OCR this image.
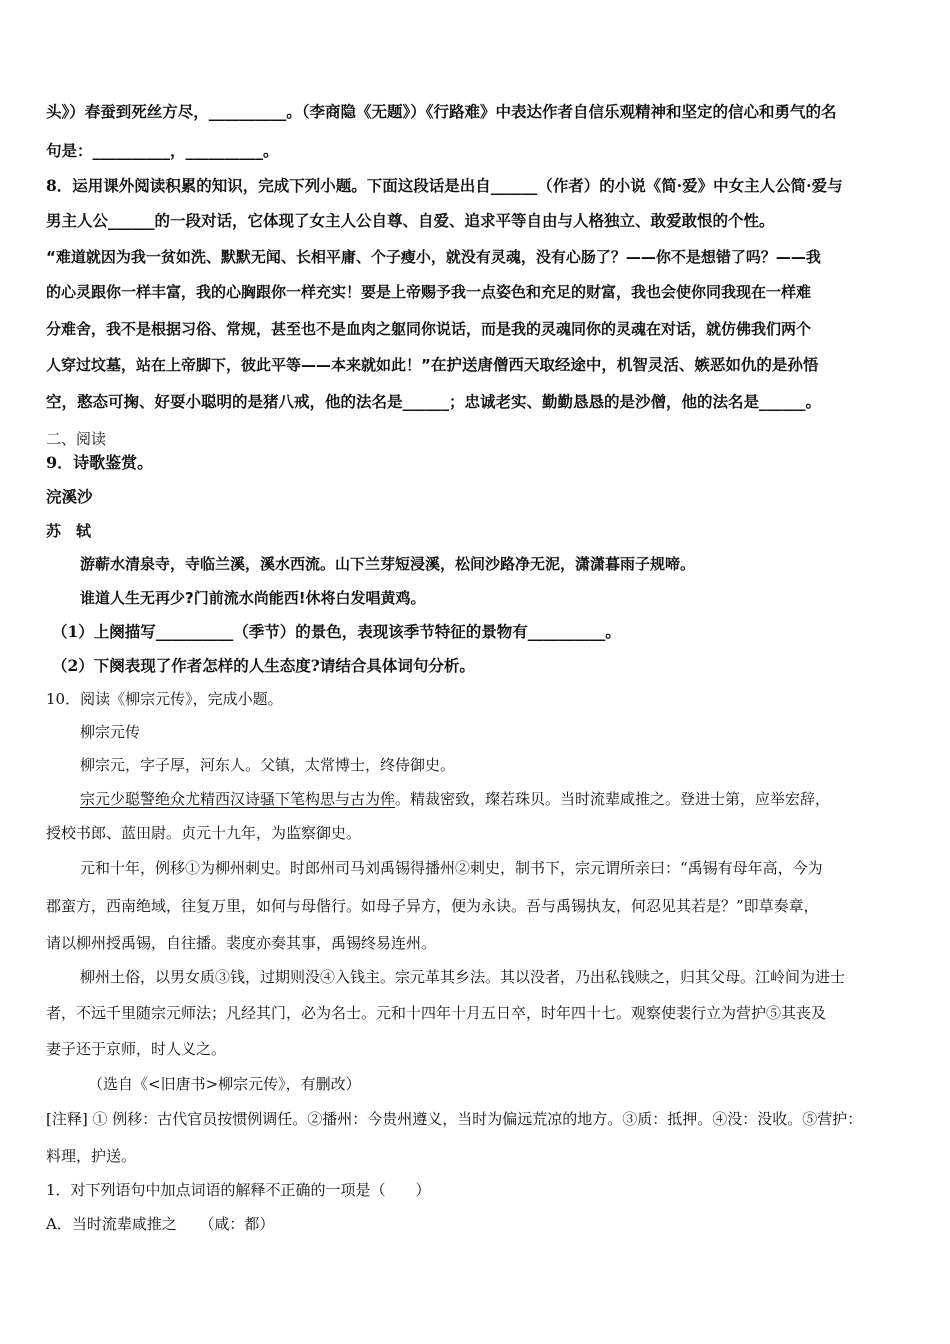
头》）春蚕到死丝方尽，__________。（李商隐《无题》）《行路难》中表达作者自信乐观精神和坚定的信心和勇气的名
句是：__________，__________。
8．运用课外阅读积累的知识，完成下列小题。下面这段话是出自______（作者）的小说《简·爱》中女主人公简·爱与
男主人公______的一段对话，它体现了女主人公自尊、自爱、追求平等自由与人格独立、敢爱敢恨的个性。
“难道就因为我一贫如洗、默默无闻、长相平庸、个子瘦小，就没有灵魂，没有心肠了？——你不是想错了吗？——我
的心灵跟你一样丰富，我的心胸跟你一样充实！要是上帝赐予我一点姿色和充足的财富，我也会使你同我现在一样难
分难舍，我不是根据习俗、常规，甚至也不是血肉之躯同你说话，而是我的灵魂同你的灵魂在对话，就仿佛我们两个
人穿过坟墓，站在上帝脚下，彼此平等——本来就如此！”在护送唐僧西天取经途中，机智灵活、嫉恶如仇的是孙悟
空，憨态可掬、好耍小聪明的是猪八戒，他的法名是______；忠诚老实、勤勤恳恳的是沙僧，他的法名是______。
二、阅读
9．诗歌鉴赏。
浣溪沙
苏　轼
游蕲水清泉寺，寺临兰溪，溪水西流。山下兰芽短浸溪，松间沙路净无泥，潇潇暮雨子规啼。
谁道人生无再少?门前流水尚能西!休将白发唱黄鸡。
（1）上阕描写__________（季节）的景色，表现该季节特征的景物有__________。
（2）下阕表现了作者怎样的人生态度?请结合具体词句分析。
10．阅读《柳宗元传》，完成小题。
柳宗元传
柳宗元，字子厚，河东人。父镇，太常博士，终侍御史。
宗元少聪警绝众尤精西汉诗骚下笔构思与古为侔。精裁密致，璨若珠贝。当时流辈咸推之。登进士第，应举宏辞，
授校书郎、蓝田尉。贞元十九年，为监察御史。
元和十年，例移①为柳州刺史。时郎州司马刘禹锡得播州②刺史，制书下，宗元谓所亲曰：“禹锡有母年高，今为
郡蛮方，西南绝域，往复万里，如何与母偕行。如母子异方，便为永诀。吾与禹锡执友，何忍见其若是？”即草奏章，
请以柳州授禹锡，自往播。裴度亦奏其事，禹锡终易连州。
柳州土俗，以男女质③钱，过期则没④入钱主。宗元革其乡法。其以没者，乃出私钱赎之，归其父母。江岭间为进士
者，不远千里随宗元师法；凡经其门，必为名士。元和十四年十月五日卒，时年四十七。观察使裴行立为营护⑤其丧及
妻子还于京师，时人义之。
（选自《<旧唐书>柳宗元传》，有删改）
[注释] ① 例移：古代官员按惯例调任。②播州：今贵州遵义，当时为偏远荒凉的地方。③质：抵押。④没：没收。⑤营护：
料理，护送。
1．对下列语句中加点词语的解释不正确的一项是（　　）
A．当时流辈咸推之　　（咸：都）
